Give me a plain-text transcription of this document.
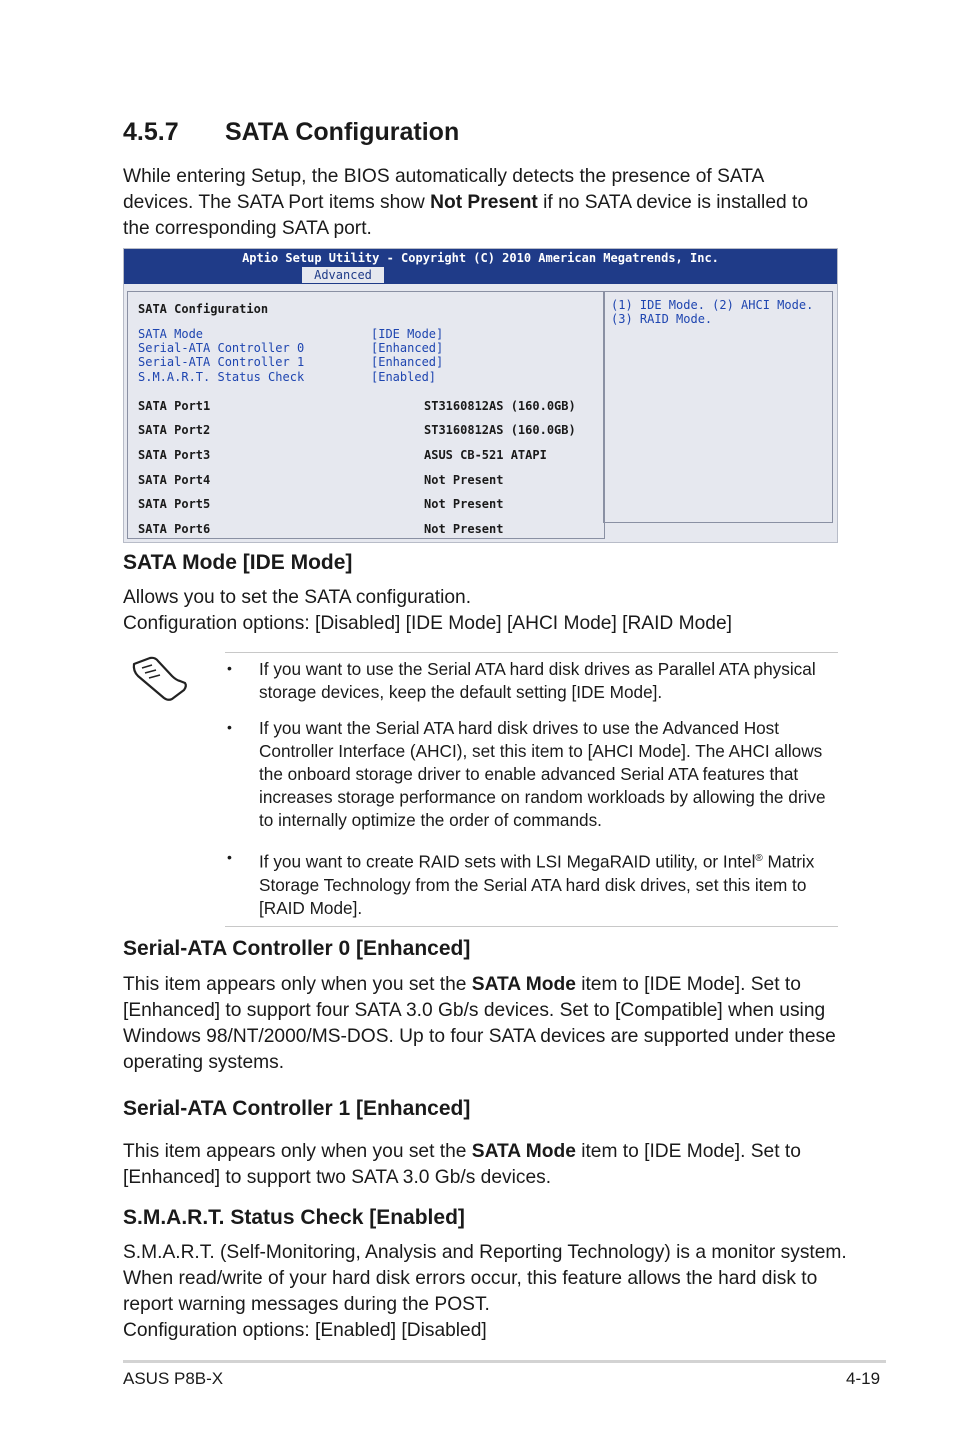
4.5.7 SATA Configuration
While entering Setup, the BIOS automatically detects the presence of SATA devices. The SATA Port items show Not Present if no SATA device is installed to the corresponding SATA port.
Aptio Setup Utility - Copyright (C) 2010 American Megatrends, Inc.
Advanced
SATA Configuration
SATA Mode	[IDE Mode]
Serial-ATA Controller 0	[Enhanced]
Serial-ATA Controller 1	[Enhanced]
S.M.A.R.T. Status Check	[Enabled]
SATA Port1	ST3160812AS (160.0GB)
SATA Port2	ST3160812AS (160.0GB)
SATA Port3	ASUS CB-521 ATAPI
SATA Port4	Not Present
SATA Port5	Not Present
SATA Port6	Not Present
(1) IDE Mode. (2) AHCI Mode.
(3) RAID Mode.
SATA Mode [IDE Mode]
Allows you to set the SATA configuration.
Configuration options: [Disabled] [IDE Mode] [AHCI Mode] [RAID Mode]
• If you want to use the Serial ATA hard disk drives as Parallel ATA physical storage devices, keep the default setting [IDE Mode].
• If you want the Serial ATA hard disk drives to use the Advanced Host Controller Interface (AHCI), set this item to [AHCI Mode]. The AHCI allows the onboard storage driver to enable advanced Serial ATA features that increases storage performance on random workloads by allowing the drive to internally optimize the order of commands.
• If you want to create RAID sets with LSI MegaRAID utility, or Intel® Matrix Storage Technology from the Serial ATA hard disk drives, set this item to [RAID Mode].
Serial-ATA Controller 0 [Enhanced]
This item appears only when you set the SATA Mode item to [IDE Mode]. Set to [Enhanced] to support four SATA 3.0 Gb/s devices. Set to [Compatible] when using Windows 98/NT/2000/MS-DOS. Up to four SATA devices are supported under these operating systems.
Serial-ATA Controller 1 [Enhanced]
This item appears only when you set the SATA Mode item to [IDE Mode]. Set to [Enhanced] to support two SATA 3.0 Gb/s devices.
S.M.A.R.T. Status Check [Enabled]
S.M.A.R.T. (Self-Monitoring, Analysis and Reporting Technology) is a monitor system. When read/write of your hard disk errors occur, this feature allows the hard disk to report warning messages during the POST.
Configuration options: [Enabled] [Disabled]
ASUS P8B-X	4-19
